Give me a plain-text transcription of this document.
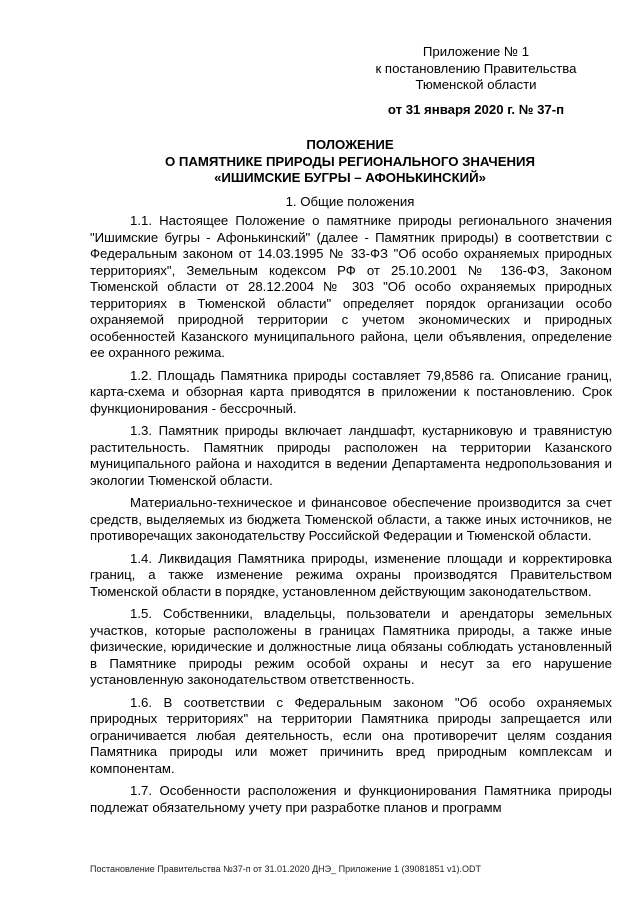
Приложение № 1
к постановлению Правительства
Тюменской области
от 31 января 2020 г. № 37-п
ПОЛОЖЕНИЕ
О ПАМЯТНИКЕ ПРИРОДЫ РЕГИОНАЛЬНОГО ЗНАЧЕНИЯ
«ИШИМСКИЕ БУГРЫ – АФОНЬКИНСКИЙ»
1. Общие положения

1.1. Настоящее Положение о памятнике природы регионального значения "Ишимские бугры - Афонькинский" (далее - Памятник природы) в соответствии с Федеральным законом от 14.03.1995 № 33-ФЗ "Об особо охраняемых природных территориях", Земельным кодексом РФ от 25.10.2001 № 136-ФЗ, Законом Тюменской области от 28.12.2004 № 303 "Об особо охраняемых природных территориях в Тюменской области" определяет порядок организации особо охраняемой природной территории с учетом экономических и природных особенностей Казанского муниципального района, цели объявления, определение ее охранного режима.

1.2. Площадь Памятника природы составляет 79,8586 га. Описание границ, карта-схема и обзорная карта приводятся в приложении к постановлению. Срок функционирования - бессрочный.

1.3. Памятник природы включает ландшафт, кустарниковую и травянистую растительность. Памятник природы расположен на территории Казанского муниципального района и находится в ведении Департамента недропользования и экологии Тюменской области.

Материально-техническое и финансовое обеспечение производится за счет средств, выделяемых из бюджета Тюменской области, а также иных источников, не противоречащих законодательству Российской Федерации и Тюменской области.

1.4. Ликвидация Памятника природы, изменение площади и корректировка границ, а также изменение режима охраны производятся Правительством Тюменской области в порядке, установленном действующим законодательством.

1.5. Собственники, владельцы, пользователи и арендаторы земельных участков, которые расположены в границах Памятника природы, а также иные физические, юридические и должностные лица обязаны соблюдать установленный в Памятнике природы режим особой охраны и несут за его нарушение установленную законодательством ответственность.

1.6. В соответствии с Федеральным законом "Об особо охраняемых природных территориях" на территории Памятника природы запрещается или ограничивается любая деятельность, если она противоречит целям создания Памятника природы или может причинить вред природным комплексам и компонентам.

1.7. Особенности расположения и функционирования Памятника природы подлежат обязательному учету при разработке планов и программ

Постановление Правительства №37-п от 31.01.2020 ДНЭ_ Приложение 1 (39081851 v1).ODT
